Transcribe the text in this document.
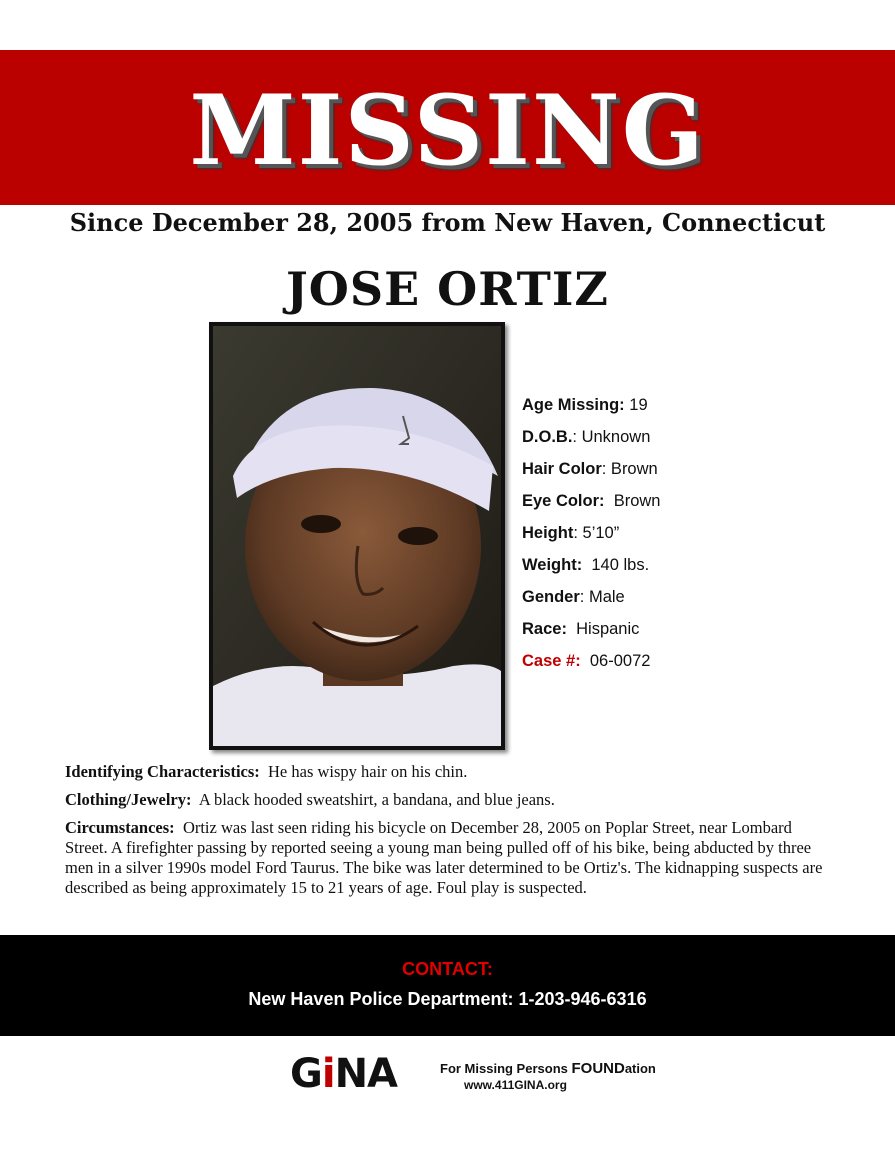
MISSING
Since December 28, 2005 from New Haven, Connecticut
JOSE ORTIZ
Age Missing: 19
D.O.B.: Unknown
Hair Color: Brown
Eye Color: Brown
Height: 5’10”
Weight: 140 lbs.
Gender: Male
Race: Hispanic
Case #: 06-0072
Identifying Characteristics: He has wispy hair on his chin.
Clothing/Jewelry: A black hooded sweatshirt, a bandana, and blue jeans.
Circumstances: Ortiz was last seen riding his bicycle on December 28, 2005 on Poplar Street, near Lombard Street. A firefighter passing by reported seeing a young man being pulled off of his bike, being abducted by three men in a silver 1990s model Ford Taurus. The bike was later determined to be Ortiz's. The kidnapping suspects are described as being approximately 15 to 21 years of age. Foul play is suspected.
CONTACT:
New Haven Police Department: 1-203-946-6316
GiNA	For Missing Persons FOUNDation
www.411GINA.org
